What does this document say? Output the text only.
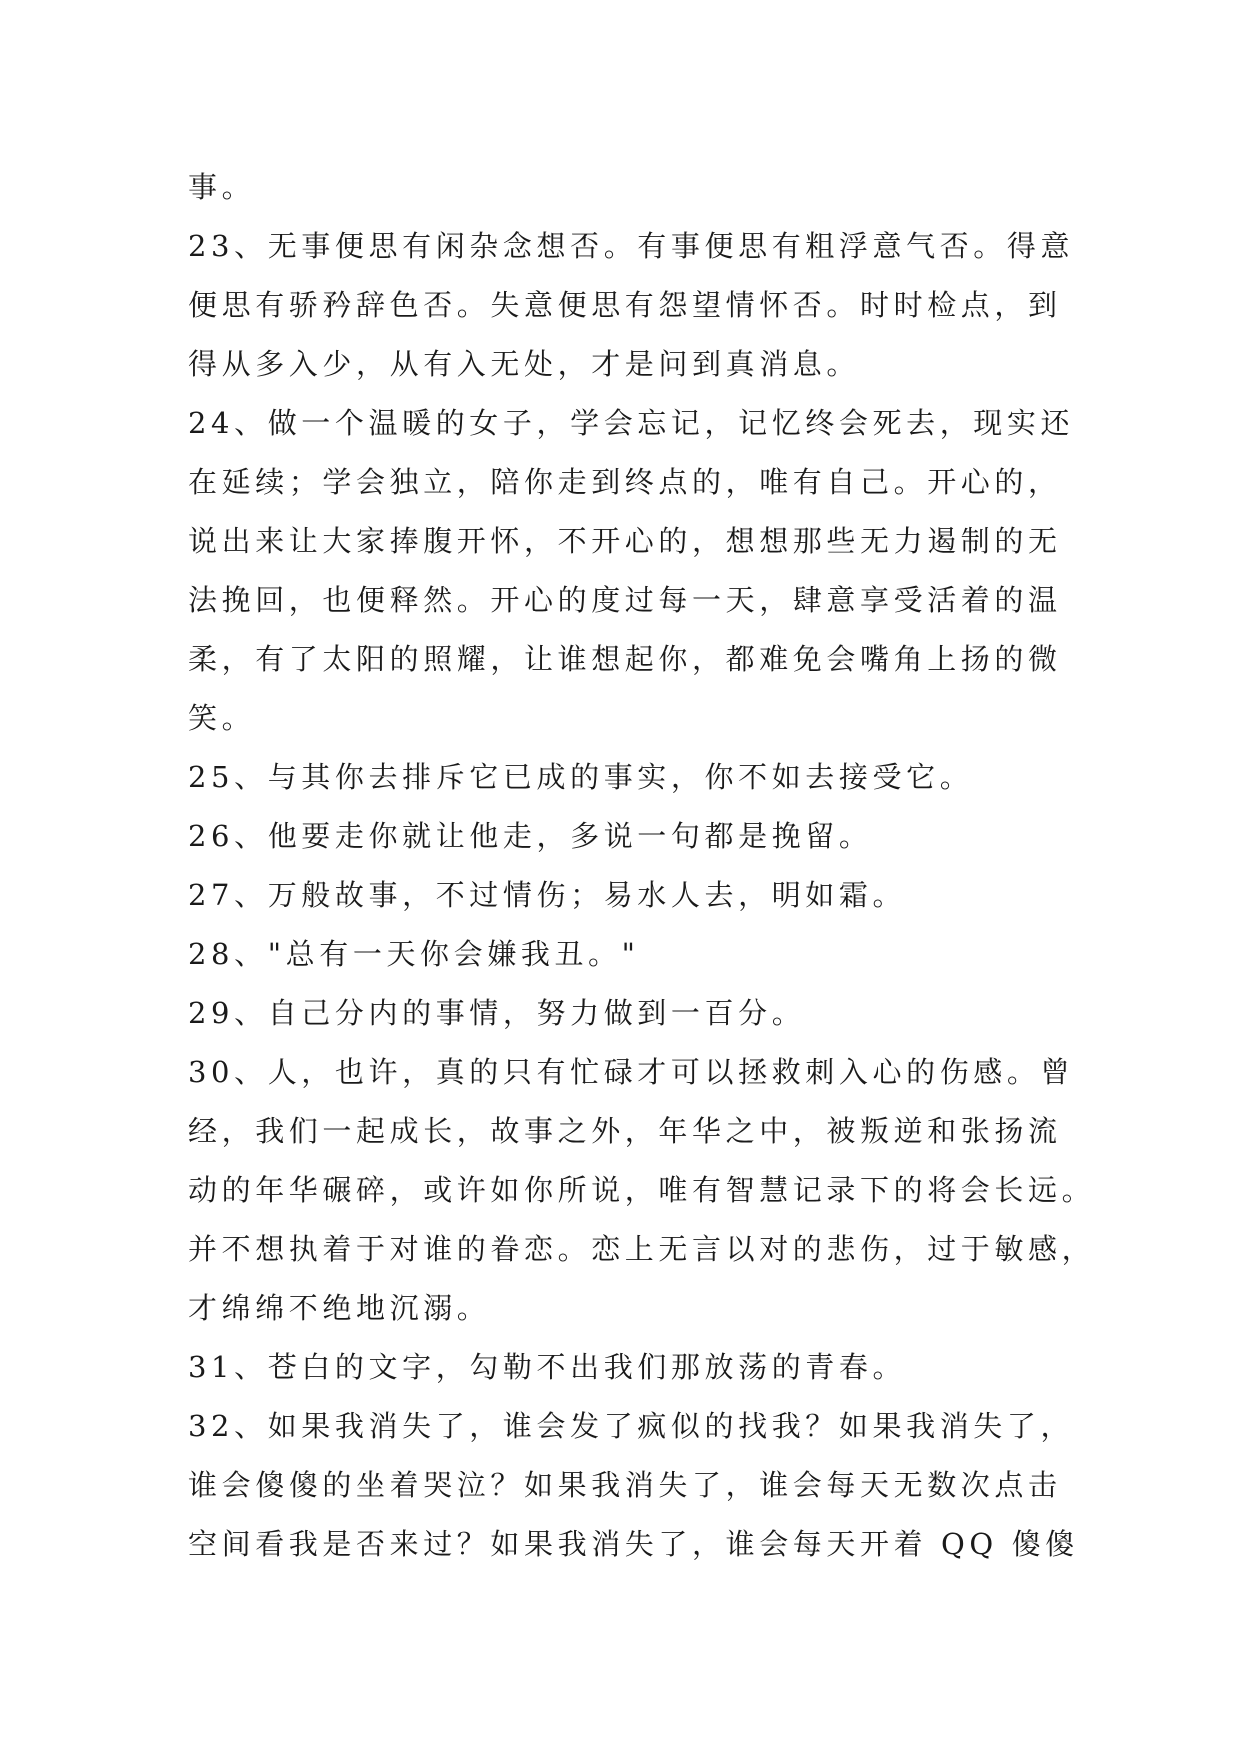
事。
23、无事便思有闲杂念想否。有事便思有粗浮意气否。得意
便思有骄矜辞色否。失意便思有怨望情怀否。时时检点，到
得从多入少，从有入无处，才是问到真消息。
24、做一个温暖的女子，学会忘记，记忆终会死去，现实还
在延续；学会独立，陪你走到终点的，唯有自己。开心的，
说出来让大家捧腹开怀，不开心的，想想那些无力遏制的无
法挽回，也便释然。开心的度过每一天，肆意享受活着的温
柔，有了太阳的照耀，让谁想起你，都难免会嘴角上扬的微
笑。
25、与其你去排斥它已成的事实，你不如去接受它。
26、他要走你就让他走，多说一句都是挽留。
27、万般故事，不过情伤；易水人去，明如霜。
28、"总有一天你会嫌我丑。"
29、自己分内的事情，努力做到一百分。
30、人，也许，真的只有忙碌才可以拯救刺入心的伤感。曾
经，我们一起成长，故事之外，年华之中，被叛逆和张扬流
动的年华碾碎，或许如你所说，唯有智慧记录下的将会长远。
并不想执着于对谁的眷恋。恋上无言以对的悲伤，过于敏感，
才绵绵不绝地沉溺。
31、苍白的文字，勾勒不出我们那放荡的青春。
32、如果我消失了，谁会发了疯似的找我？如果我消失了，
谁会傻傻的坐着哭泣？如果我消失了，谁会每天无数次点击
空间看我是否来过？如果我消失了，谁会每天开着 QQ 傻傻
